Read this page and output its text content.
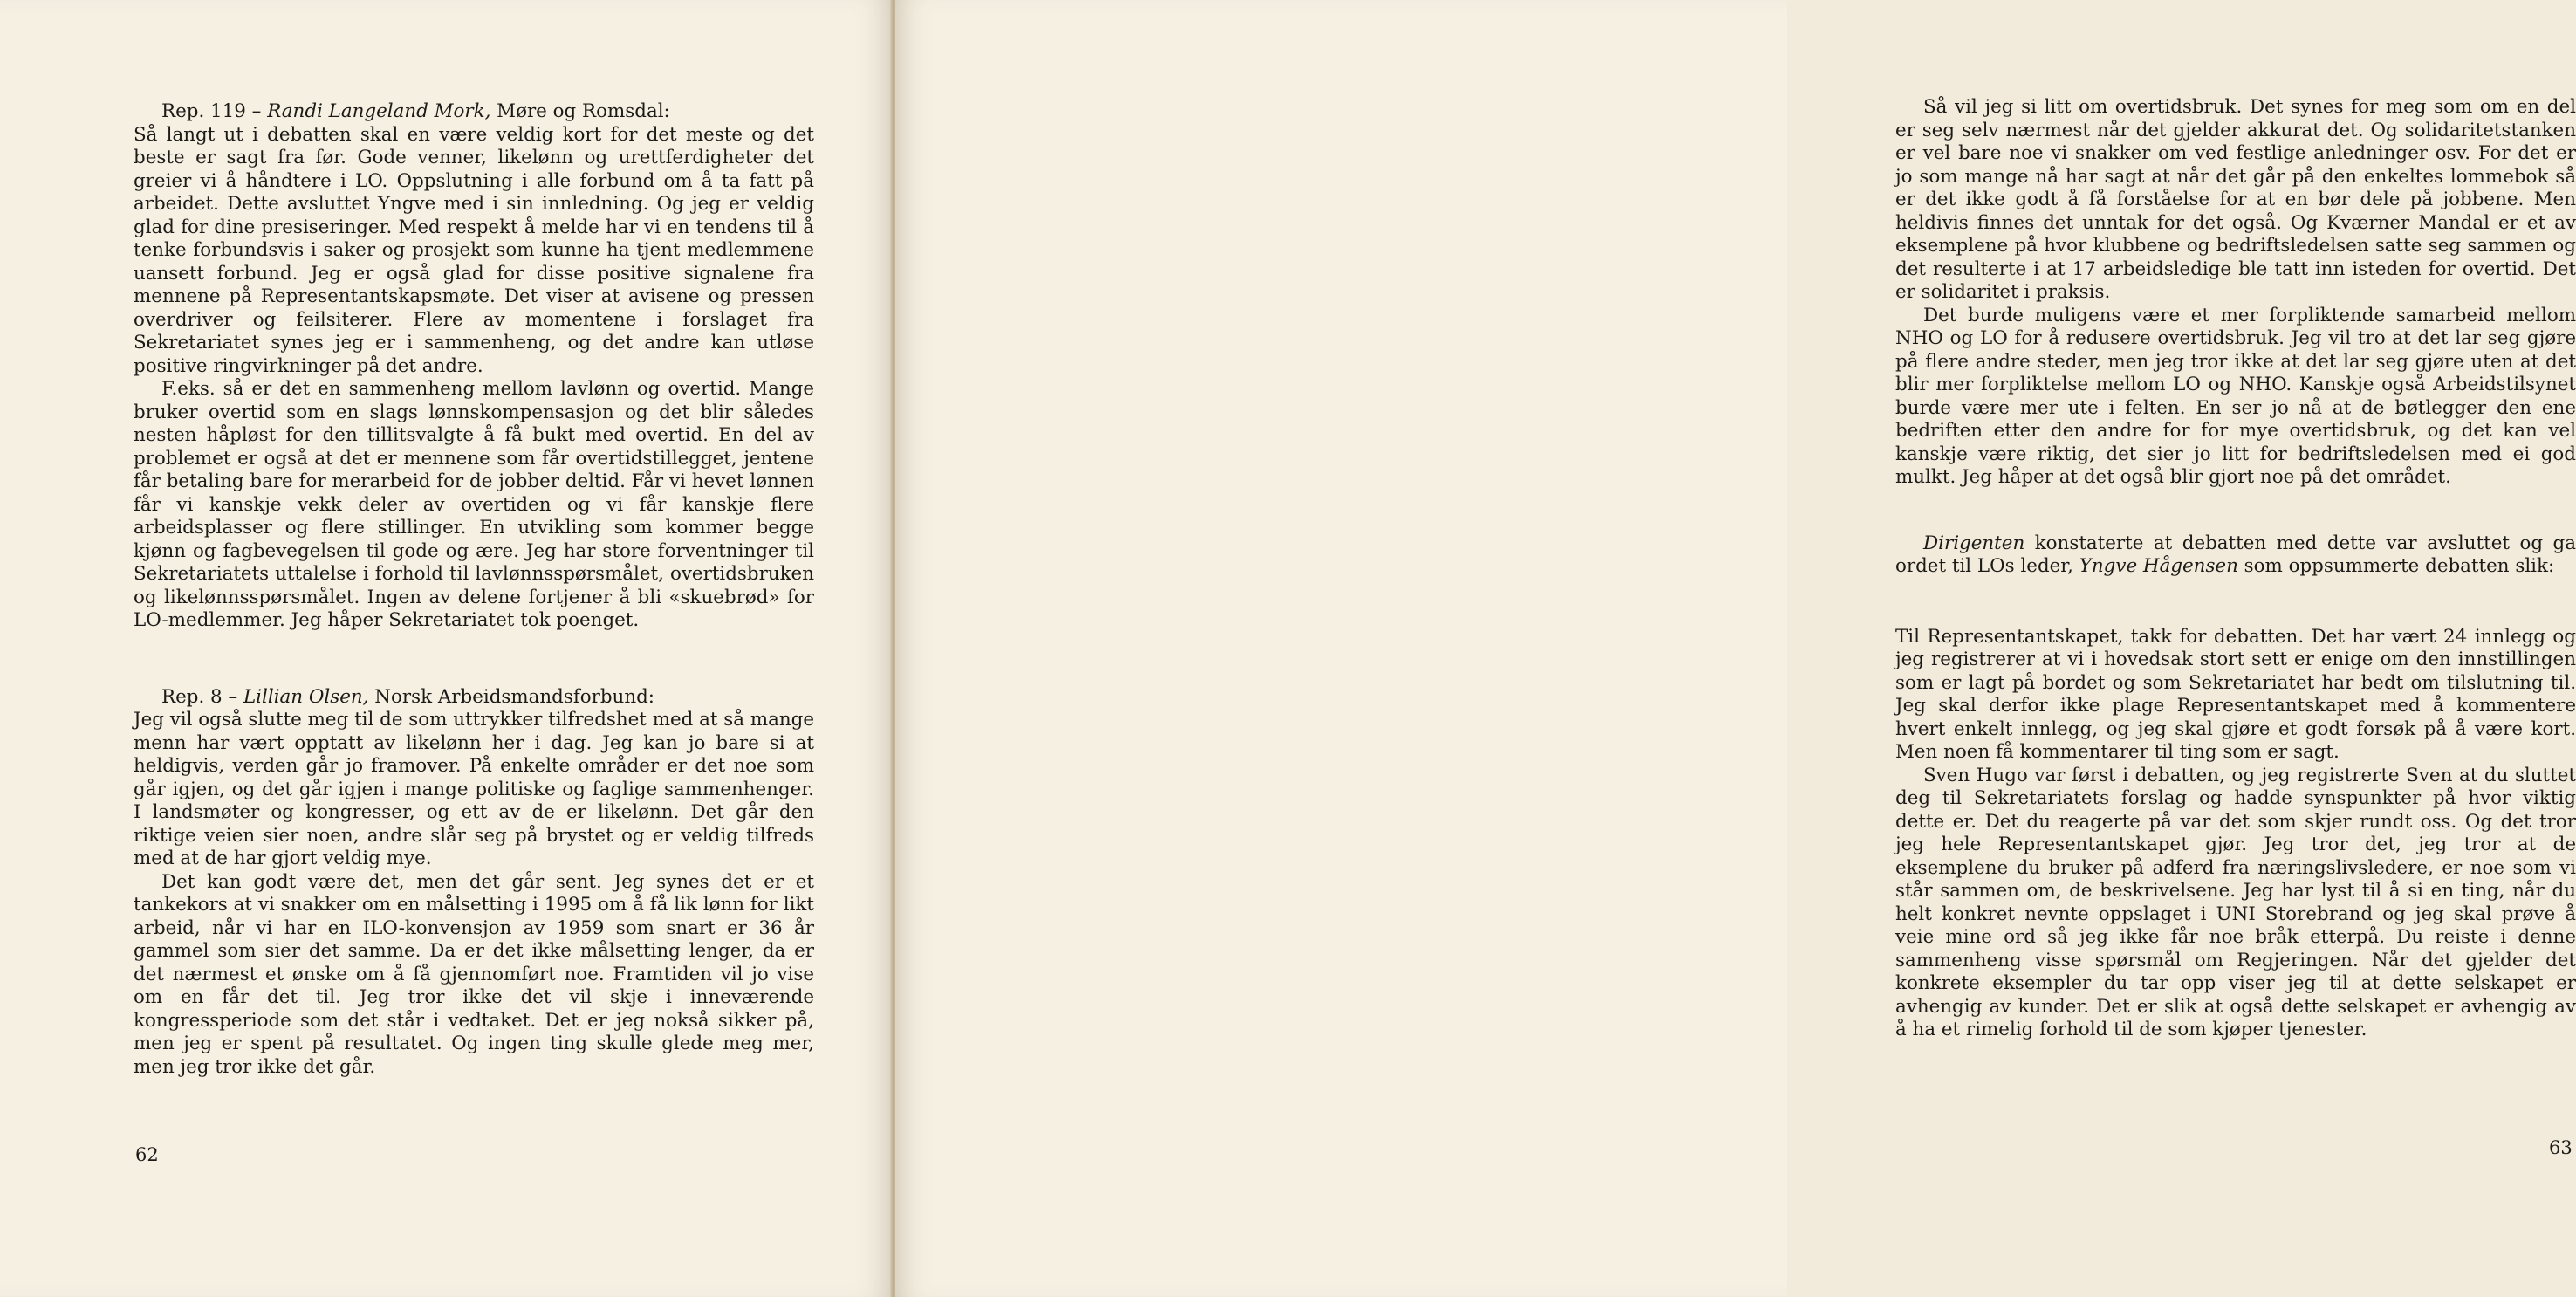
Rep. 119 – Randi Langeland Mork, Møre og Romsdal:

Så langt ut i debatten skal en være veldig kort for det meste og det beste er sagt fra før. Gode venner, likelønn og urettferdigheter det greier vi å håndtere i LO. Oppslutning i alle forbund om å ta fatt på arbeidet. Dette avsluttet Yngve med i sin innledning. Og jeg er veldig glad for dine presiseringer. Med respekt å melde har vi en tendens til å tenke forbundsvis i saker og prosjekt som kunne ha tjent medlemmene uansett forbund. Jeg er også glad for disse positive signalene fra mennene på Representantskapsmøte. Det viser at avisene og pressen overdriver og feilsiterer. Flere av momentene i forslaget fra Sekretariatet synes jeg er i sammenheng, og det andre kan utløse positive ringvirkninger på det andre.

F.eks. så er det en sammenheng mellom lavlønn og overtid. Mange bruker overtid som en slags lønnskompensasjon og det blir således nesten håpløst for den tillitsvalgte å få bukt med overtid. En del av problemet er også at det er mennene som får overtidstillegget, jentene får betaling bare for merarbeid for de jobber deltid. Får vi hevet lønnen får vi kanskje vekk deler av overtiden og vi får kanskje flere arbeidsplasser og flere stillinger. En utvikling som kommer begge kjønn og fagbevegelsen til gode og ære. Jeg har store forventninger til Sekretariatets uttalelse i forhold til lavlønnsspørsmålet, overtidsbruken og likelønnsspørsmålet. Ingen av delene fortjener å bli «skuebrød» for LO-medlemmer. Jeg håper Sekretariatet tok poenget.

Rep. 8 – Lillian Olsen, Norsk Arbeidsmandsforbund:

Jeg vil også slutte meg til de som uttrykker tilfredshet med at så mange menn har vært opptatt av likelønn her i dag. Jeg kan jo bare si at heldigvis, verden går jo framover. På enkelte områder er det noe som går igjen, og det går igjen i mange politiske og faglige sammenhenger. I landsmøter og kongresser, og ett av de er likelønn. Det går den riktige veien sier noen, andre slår seg på brystet og er veldig tilfreds med at de har gjort veldig mye.

Det kan godt være det, men det går sent. Jeg synes det er et tankekors at vi snakker om en målsetting i 1995 om å få lik lønn for likt arbeid, når vi har en ILO-konvensjon av 1959 som snart er 36 år gammel som sier det samme. Da er det ikke målsetting lenger, da er det nærmest et ønske om å få gjennomført noe. Framtiden vil jo vise om en får det til. Jeg tror ikke det vil skje i inneværende kongressperiode som det står i vedtaket. Det er jeg nokså sikker på, men jeg er spent på resultatet. Og ingen ting skulle glede meg mer, men jeg tror ikke det går.

62

Så vil jeg si litt om overtidsbruk. Det synes for meg som om en del er seg selv nærmest når det gjelder akkurat det. Og solidaritetstanken er vel bare noe vi snakker om ved festlige anledninger osv. For det er jo som mange nå har sagt at når det går på den enkeltes lommebok så er det ikke godt å få forståelse for at en bør dele på jobbene. Men heldivis finnes det unntak for det også. Og Kværner Mandal er et av eksemplene på hvor klubbene og bedriftsledelsen satte seg sammen og det resulterte i at 17 arbeidsledige ble tatt inn isteden for overtid. Det er solidaritet i praksis.

Det burde muligens være et mer forpliktende samarbeid mellom NHO og LO for å redusere overtidsbruk. Jeg vil tro at det lar seg gjøre på flere andre steder, men jeg tror ikke at det lar seg gjøre uten at det blir mer forpliktelse mellom LO og NHO. Kanskje også Arbeidstilsynet burde være mer ute i felten. En ser jo nå at de bøtlegger den ene bedriften etter den andre for for mye overtidsbruk, og det kan vel kanskje være riktig, det sier jo litt for bedriftsledelsen med ei god mulkt. Jeg håper at det også blir gjort noe på det området.

Dirigenten konstaterte at debatten med dette var avsluttet og ga ordet til LOs leder, Yngve Hågensen som oppsummerte debatten slik:

Til Representantskapet, takk for debatten. Det har vært 24 innlegg og jeg registrerer at vi i hovedsak stort sett er enige om den innstillingen som er lagt på bordet og som Sekretariatet har bedt om tilslutning til. Jeg skal derfor ikke plage Representantskapet med å kommentere hvert enkelt innlegg, og jeg skal gjøre et godt forsøk på å være kort. Men noen få kommentarer til ting som er sagt.

Sven Hugo var først i debatten, og jeg registrerte Sven at du sluttet deg til Sekretariatets forslag og hadde synspunkter på hvor viktig dette er. Det du reagerte på var det som skjer rundt oss. Og det tror jeg hele Representantskapet gjør. Jeg tror det, jeg tror at de eksemplene du bruker på adferd fra næringslivsledere, er noe som vi står sammen om, de beskrivelsene. Jeg har lyst til å si en ting, når du helt konkret nevnte oppslaget i UNI Storebrand og jeg skal prøve å veie mine ord så jeg ikke får noe bråk etterpå. Du reiste i denne sammenheng visse spørsmål om Regjeringen. Når det gjelder det konkrete eksempler du tar opp viser jeg til at dette selskapet er avhengig av kunder. Det er slik at også dette selskapet er avhengig av å ha et rimelig forhold til de som kjøper tjenester.

63
